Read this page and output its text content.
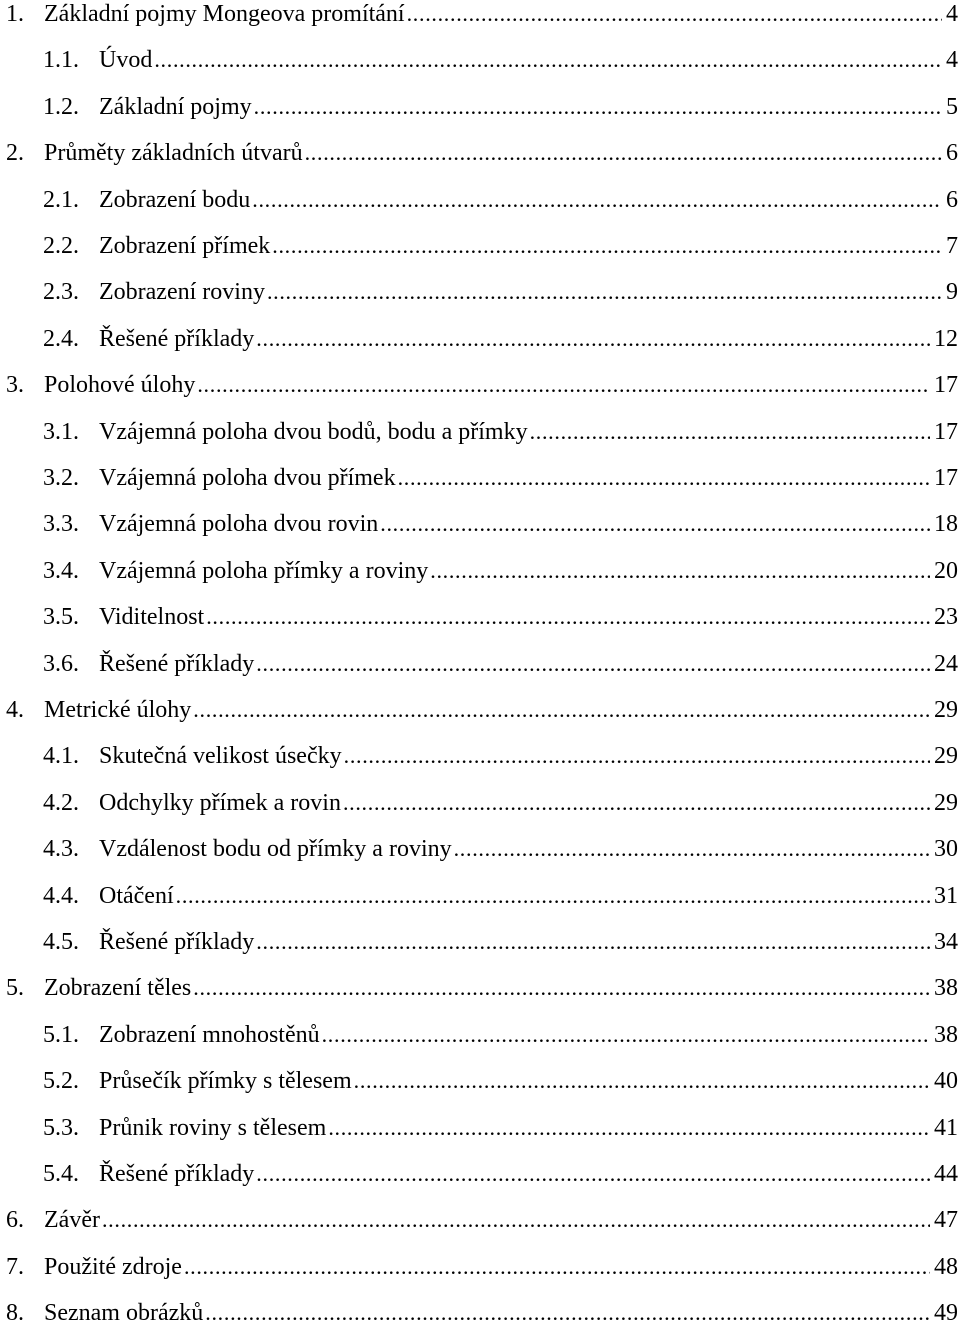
1. Základní pojmy Mongeova promítání . . .	4
1.1. Úvod . . .	4
1.2. Základní pojmy . . .	5
2. Průměty základních útvarů . . .	6
2.1. Zobrazení bodu . . .	6
2.2. Zobrazení přímek . . .	7
2.3. Zobrazení roviny . . .	9
2.4. Řešené příklady . . .	12
3. Polohové úlohy . . .	17
3.1. Vzájemná poloha dvou bodů, bodu a přímky . . .	17
3.2. Vzájemná poloha dvou přímek . . .	17
3.3. Vzájemná poloha dvou rovin . . .	18
3.4. Vzájemná poloha přímky a roviny . . .	20
3.5. Viditelnost . . .	23
3.6. Řešené příklady . . .	24
4. Metrické úlohy . . .	29
4.1. Skutečná velikost úsečky . . .	29
4.2. Odchylky přímek a rovin . . .	29
4.3. Vzdálenost bodu od přímky a roviny . . .	30
4.4. Otáčení . . .	31
4.5. Řešené příklady . . .	34
5. Zobrazení těles . . .	38
5.1. Zobrazení mnohostěnů . . .	38
5.2. Průsečík přímky s tělesem . . .	40
5.3. Průnik roviny s tělesem . . .	41
5.4. Řešené příklady . . .	44
6. Závěr . . .	47
7. Použité zdroje . . .	48
8. Seznam obrázků . . .	49
